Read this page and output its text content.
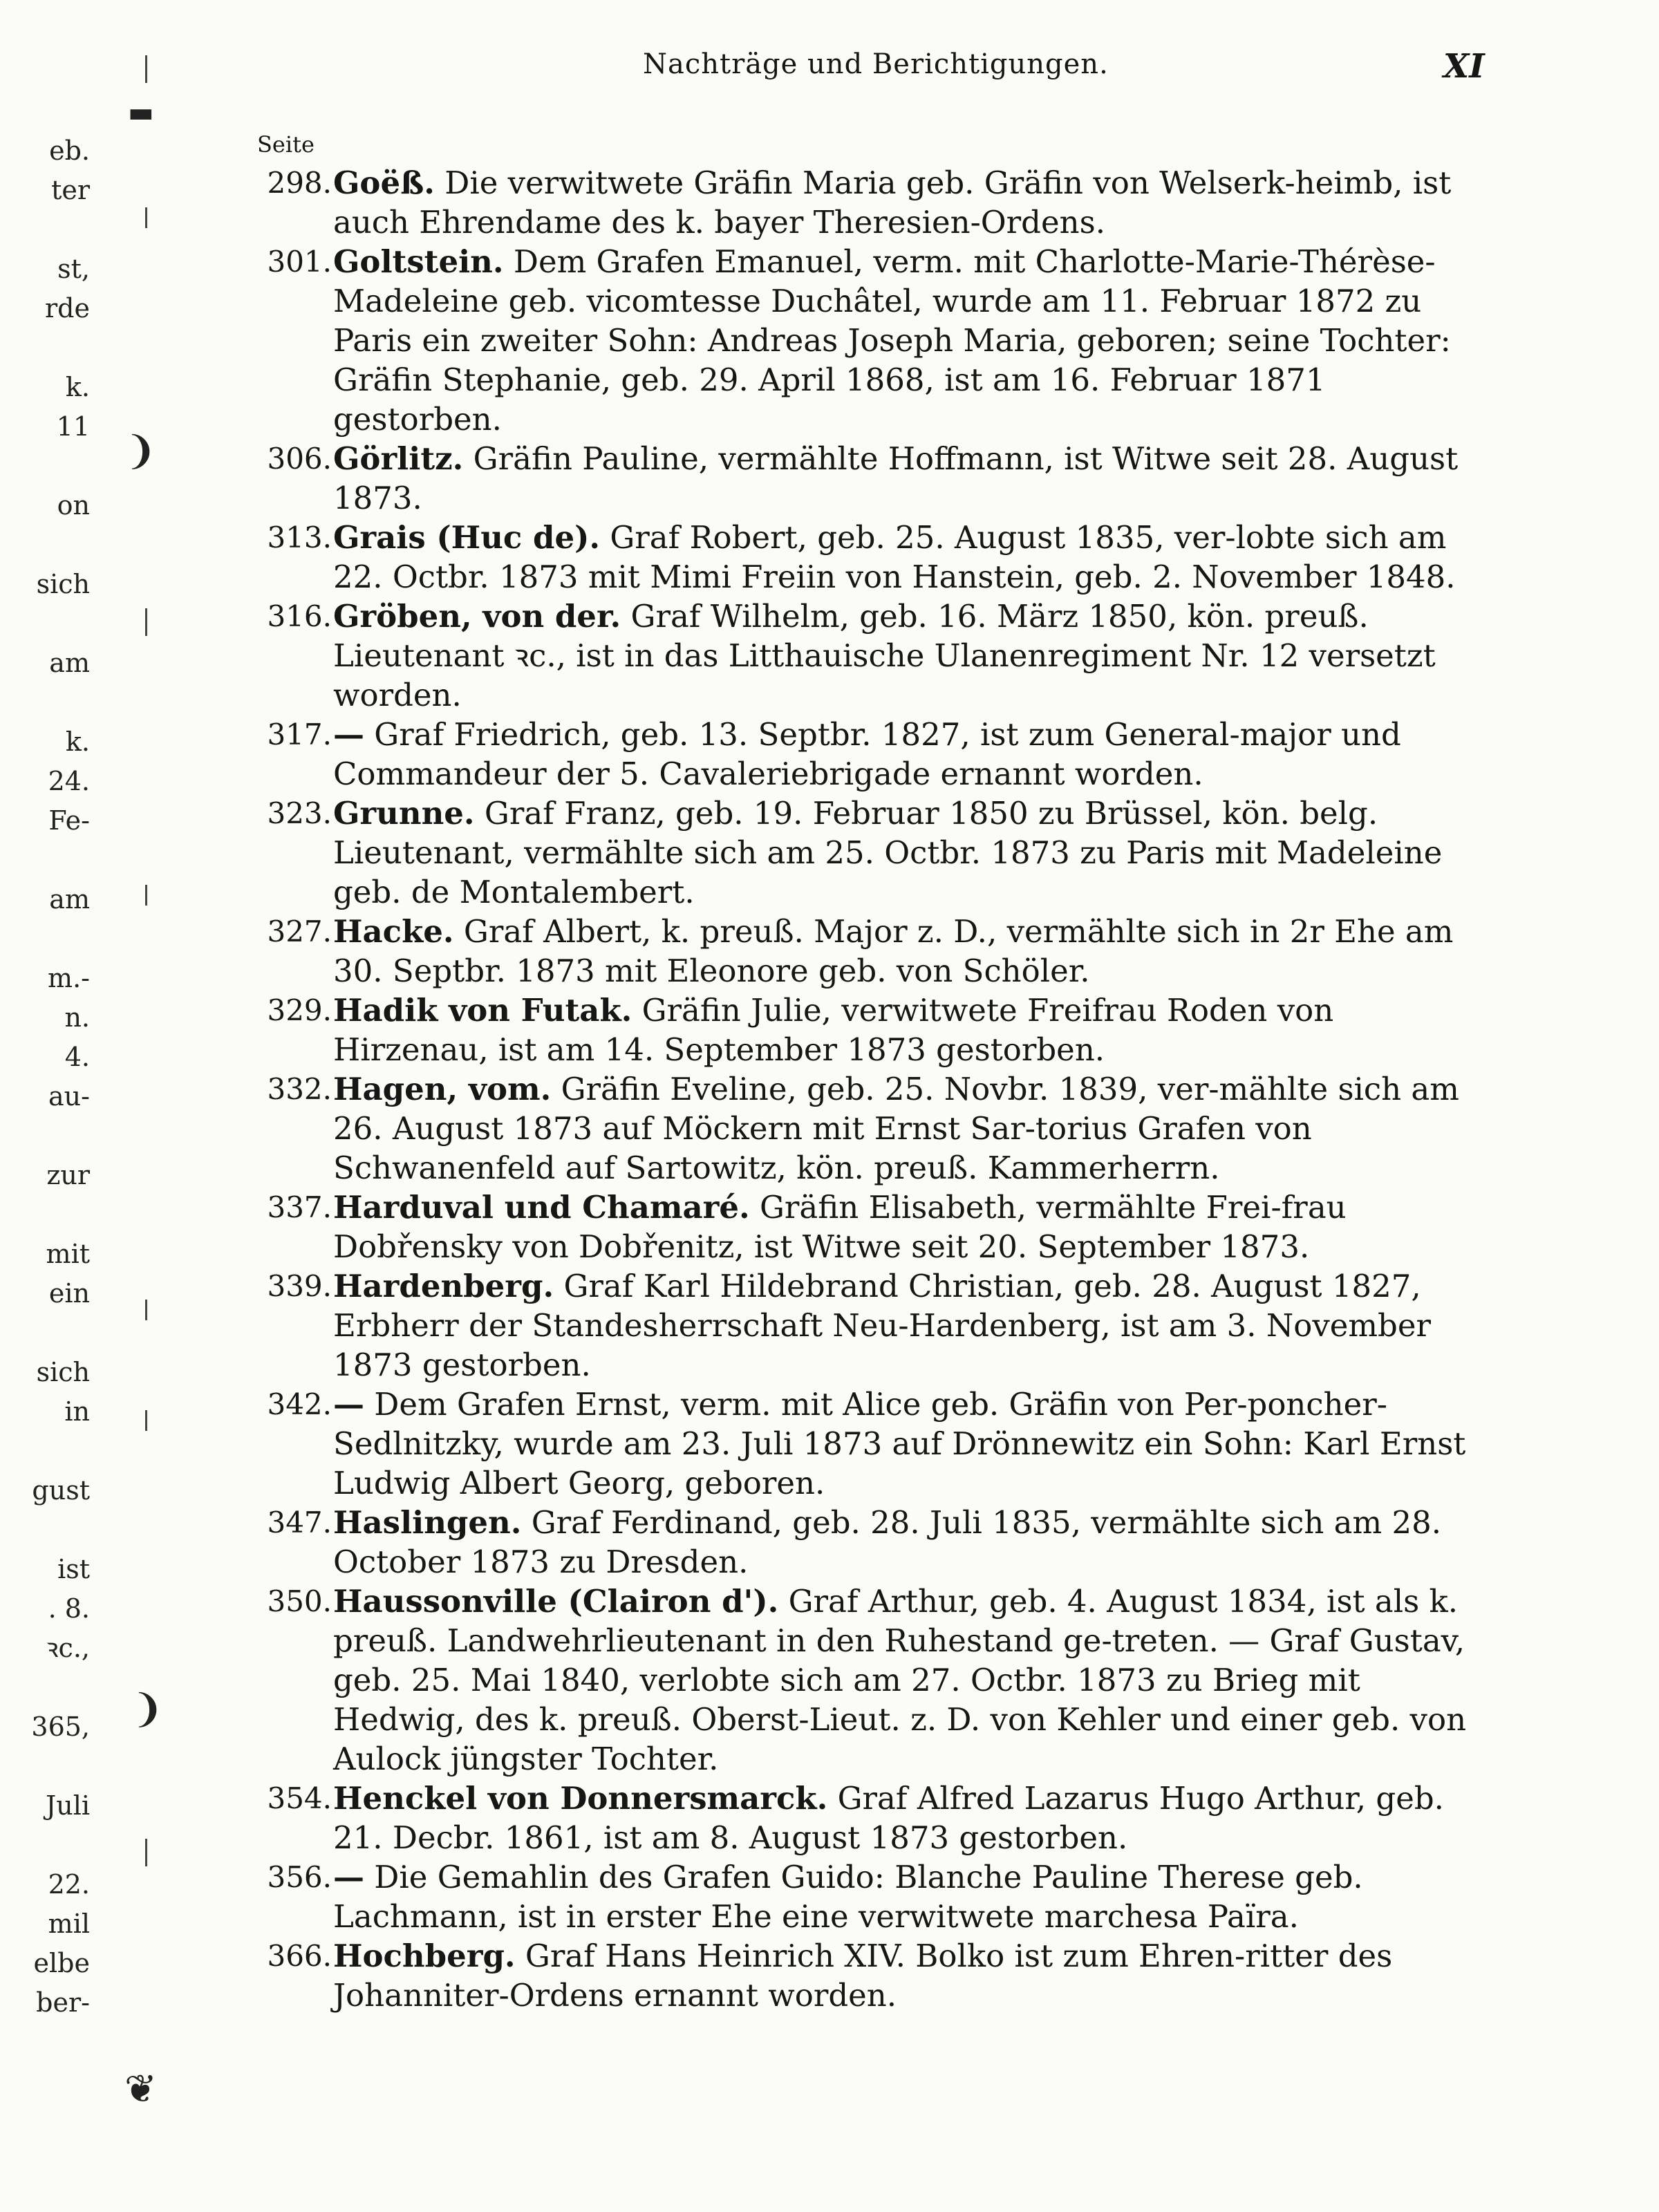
Nachträge und Berichtigungen.	XI
Seite
eb.
ter

st,
rde

k.
11

on

sich

am

k.
24.
Fe-

am

m.-
n.
4.
au-

zur

mit
ein

sich
in

gust

ist
. 8.
ꝛc.,

365,

Juli

22.
mil
elbe
ber-
▬
❩
❩
❦
298. Goëß. Die verwitwete Gräfin Maria geb. Gräfin von Welserk-heimb, ist auch Ehrendame des k. bayer Theresien-Ordens.
301. Goltstein. Dem Grafen Emanuel, verm. mit Charlotte-Marie-Thérèse-Madeleine geb. vicomtesse Duchâtel, wurde am 11. Februar 1872 zu Paris ein zweiter Sohn: Andreas Joseph Maria, geboren; seine Tochter: Gräfin Stephanie, geb. 29. April 1868, ist am 16. Februar 1871 gestorben.
306. Görlitz. Gräfin Pauline, vermählte Hoffmann, ist Witwe seit 28. August 1873.
313. Grais (Huc de). Graf Robert, geb. 25. August 1835, ver-lobte sich am 22. Octbr. 1873 mit Mimi Freiin von Hanstein, geb. 2. November 1848.
316. Gröben, von der. Graf Wilhelm, geb. 16. März 1850, kön. preuß. Lieutenant ꝛc., ist in das Litthauische Ulanenregiment Nr. 12 versetzt worden.
317. — Graf Friedrich, geb. 13. Septbr. 1827, ist zum General-major und Commandeur der 5. Cavaleriebrigade ernannt worden.
323. Grunne. Graf Franz, geb. 19. Februar 1850 zu Brüssel, kön. belg. Lieutenant, vermählte sich am 25. Octbr. 1873 zu Paris mit Madeleine geb. de Montalembert.
327. Hacke. Graf Albert, k. preuß. Major z. D., vermählte sich in 2r Ehe am 30. Septbr. 1873 mit Eleonore geb. von Schöler.
329. Hadik von Futak. Gräfin Julie, verwitwete Freifrau Roden von Hirzenau, ist am 14. September 1873 gestorben.
332. Hagen, vom. Gräfin Eveline, geb. 25. Novbr. 1839, ver-mählte sich am 26. August 1873 auf Möckern mit Ernst Sar-torius Grafen von Schwanenfeld auf Sartowitz, kön. preuß. Kammerherrn.
337. Harduval und Chamaré. Gräfin Elisabeth, vermählte Frei-frau Dobřensky von Dobřenitz, ist Witwe seit 20. September 1873.
339. Hardenberg. Graf Karl Hildebrand Christian, geb. 28. August 1827, Erbherr der Standesherrschaft Neu-Hardenberg, ist am 3. November 1873 gestorben.
342. — Dem Grafen Ernst, verm. mit Alice geb. Gräfin von Per-poncher-Sedlnitzky, wurde am 23. Juli 1873 auf Drönnewitz ein Sohn: Karl Ernst Ludwig Albert Georg, geboren.
347. Haslingen. Graf Ferdinand, geb. 28. Juli 1835, vermählte sich am 28. October 1873 zu Dresden.
350. Haussonville (Clairon d'). Graf Arthur, geb. 4. August 1834, ist als k. preuß. Landwehrlieutenant in den Ruhestand ge-treten. — Graf Gustav, geb. 25. Mai 1840, verlobte sich am 27. Octbr. 1873 zu Brieg mit Hedwig, des k. preuß. Oberst-Lieut. z. D. von Kehler und einer geb. von Aulock jüngster Tochter.
354. Henckel von Donnersmarck. Graf Alfred Lazarus Hugo Arthur, geb. 21. Decbr. 1861, ist am 8. August 1873 gestorben.
356. — Die Gemahlin des Grafen Guido: Blanche Pauline Therese geb. Lachmann, ist in erster Ehe eine verwitwete marchesa Païra.
366. Hochberg. Graf Hans Heinrich XIV. Bolko ist zum Ehren-ritter des Johanniter-Ordens ernannt worden.
